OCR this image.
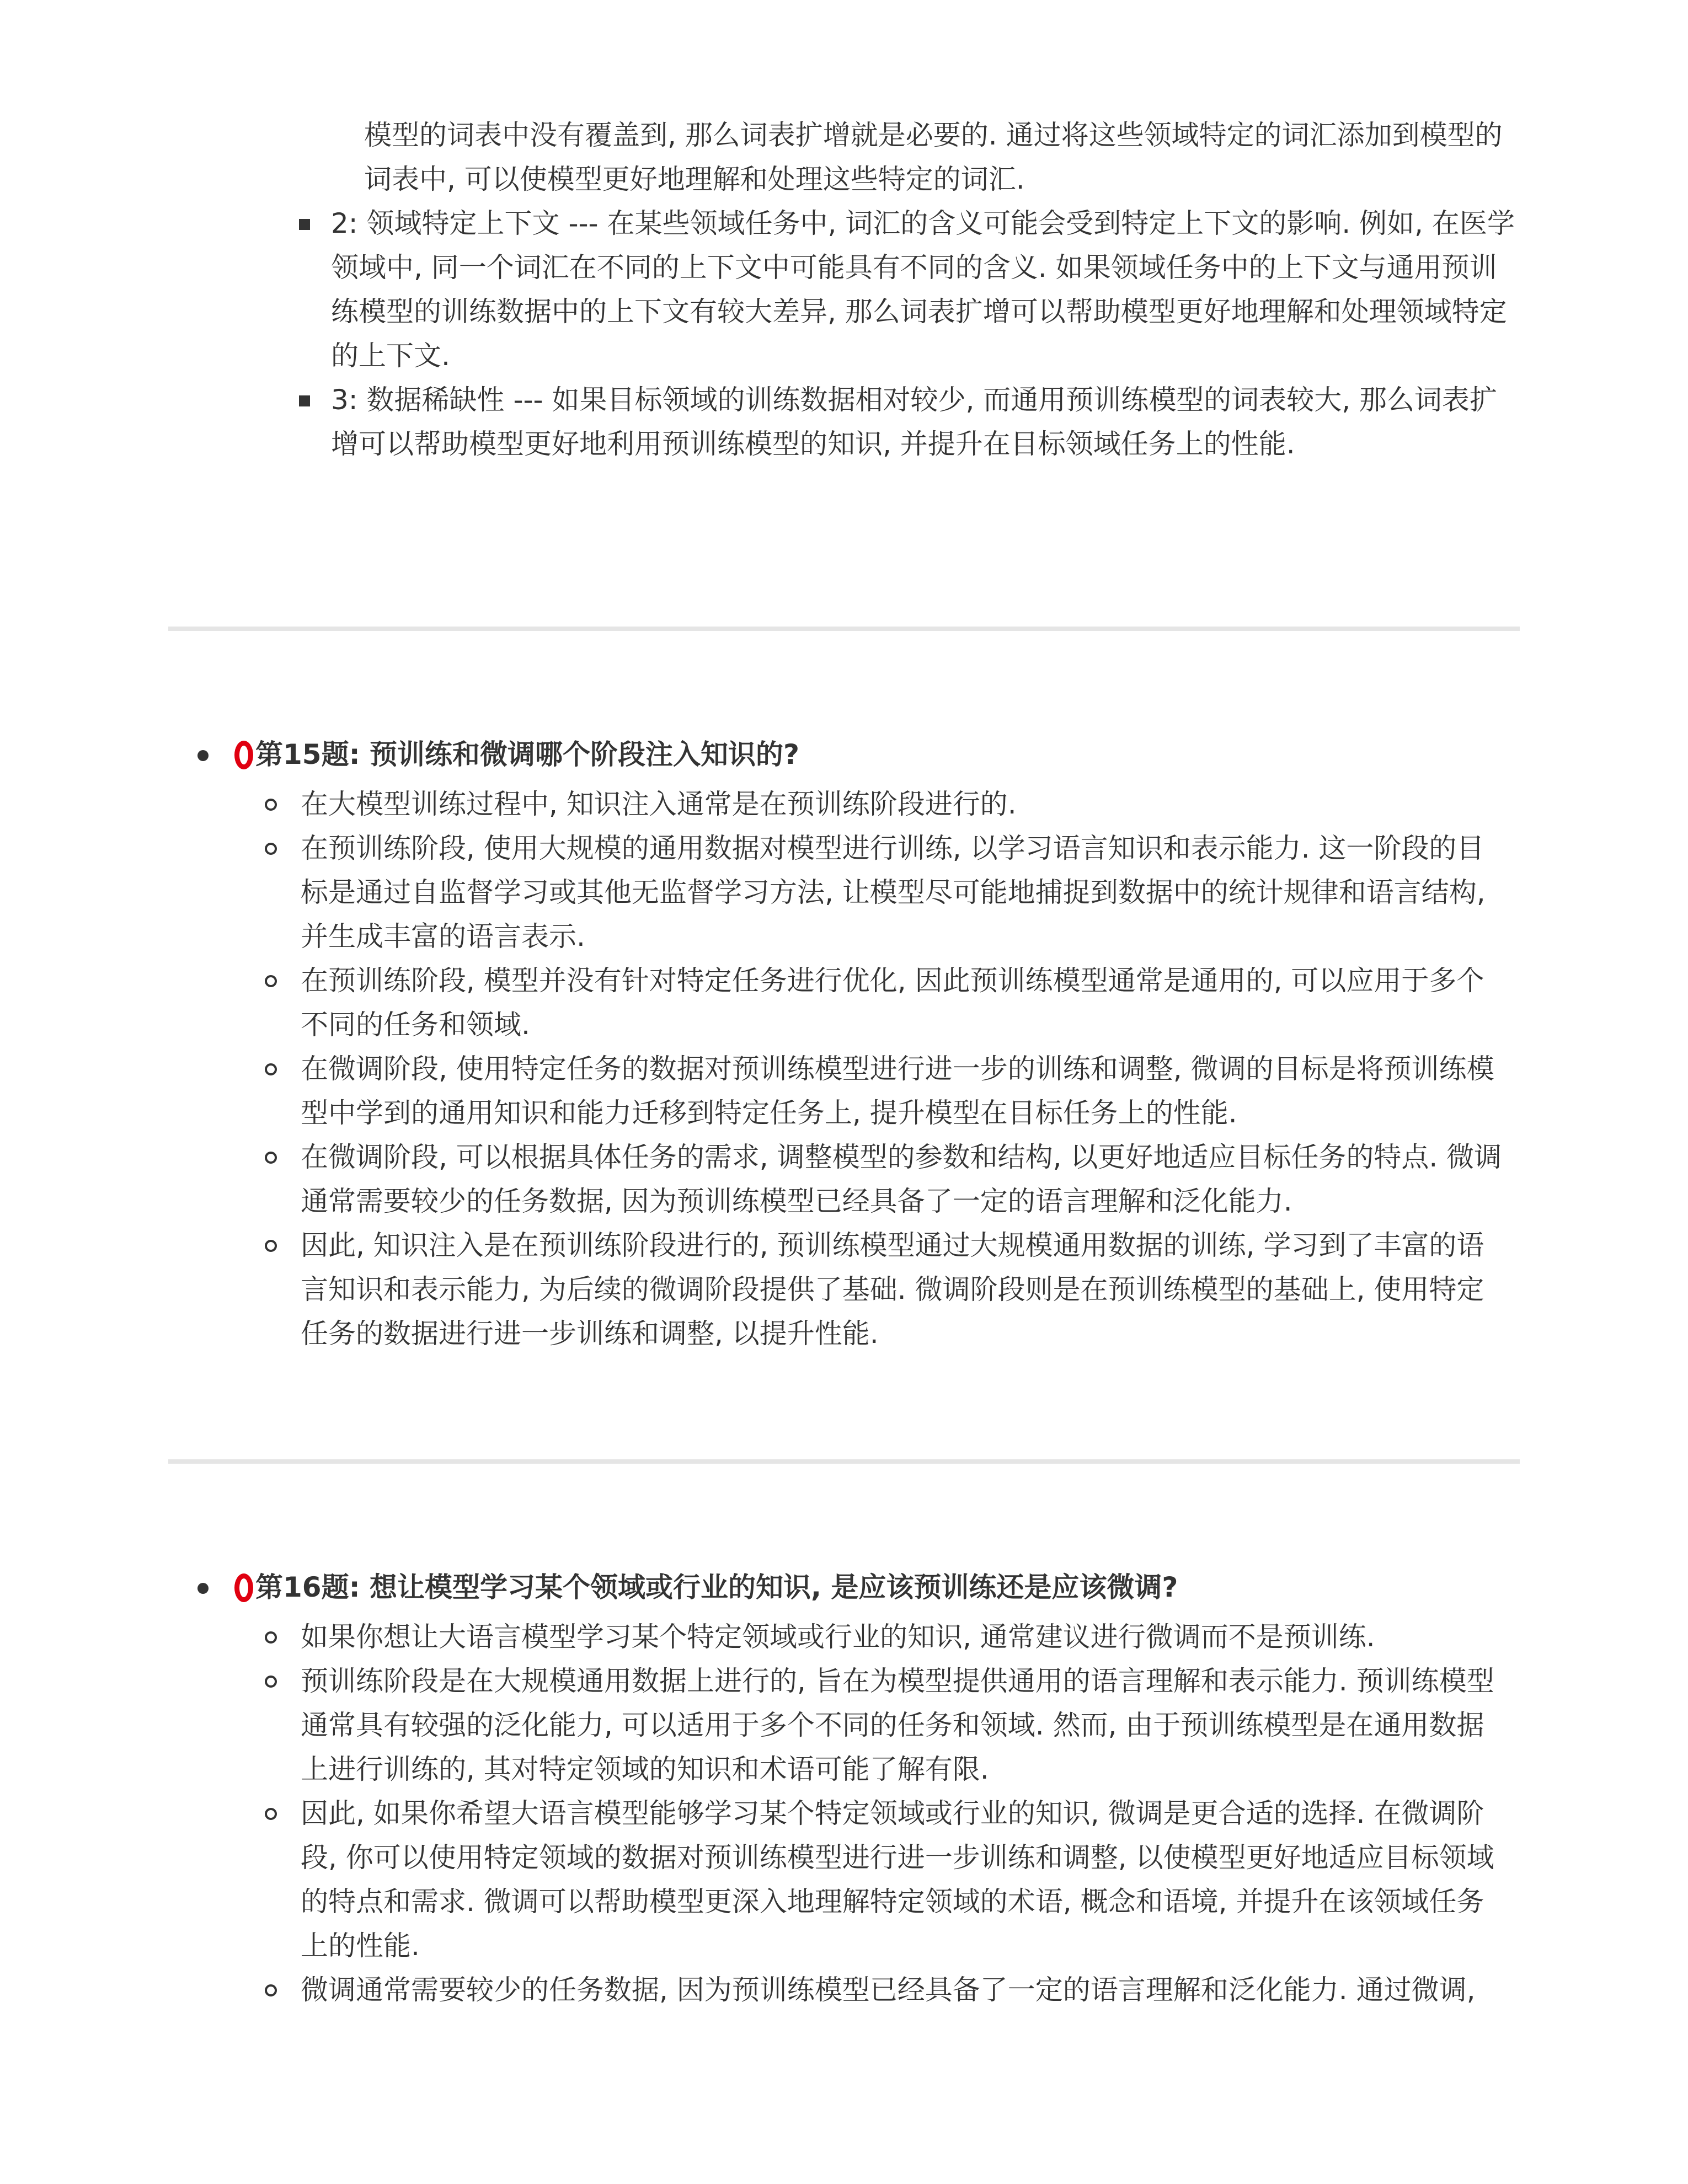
模型的词表中没有覆盖到, 那么词表扩增就是必要的. 通过将这些领域特定的词汇添加到模型的词表中, 可以使模型更好地理解和处理这些特定的词汇.

2: 领域特定上下文 --- 在某些领域任务中, 词汇的含义可能会受到特定上下文的影响. 例如, 在医学领域中, 同一个词汇在不同的上下文中可能具有不同的含义. 如果领域任务中的上下文与通用预训练模型的训练数据中的上下文有较大差异, 那么词表扩增可以帮助模型更好地理解和处理领域特定的上下文.

3: 数据稀缺性 --- 如果目标领域的训练数据相对较少, 而通用预训练模型的词表较大, 那么词表扩增可以帮助模型更好地利用预训练模型的知识, 并提升在目标领域任务上的性能.

第15题: 预训练和微调哪个阶段注入知识的?

在大模型训练过程中, 知识注入通常是在预训练阶段进行的.

在预训练阶段, 使用大规模的通用数据对模型进行训练, 以学习语言知识和表示能力. 这一阶段的目标是通过自监督学习或其他无监督学习方法, 让模型尽可能地捕捉到数据中的统计规律和语言结构, 并生成丰富的语言表示.

在预训练阶段, 模型并没有针对特定任务进行优化, 因此预训练模型通常是通用的, 可以应用于多个不同的任务和领域.

在微调阶段, 使用特定任务的数据对预训练模型进行进一步的训练和调整, 微调的目标是将预训练模型中学到的通用知识和能力迁移到特定任务上, 提升模型在目标任务上的性能.

在微调阶段, 可以根据具体任务的需求, 调整模型的参数和结构, 以更好地适应目标任务的特点. 微调通常需要较少的任务数据, 因为预训练模型已经具备了一定的语言理解和泛化能力.

因此, 知识注入是在预训练阶段进行的, 预训练模型通过大规模通用数据的训练, 学习到了丰富的语言知识和表示能力, 为后续的微调阶段提供了基础. 微调阶段则是在预训练模型的基础上, 使用特定任务的数据进行进一步训练和调整, 以提升性能.

第16题: 想让模型学习某个领域或行业的知识, 是应该预训练还是应该微调?

如果你想让大语言模型学习某个特定领域或行业的知识, 通常建议进行微调而不是预训练.

预训练阶段是在大规模通用数据上进行的, 旨在为模型提供通用的语言理解和表示能力. 预训练模型通常具有较强的泛化能力, 可以适用于多个不同的任务和领域. 然而, 由于预训练模型是在通用数据上进行训练的, 其对特定领域的知识和术语可能了解有限.

因此, 如果你希望大语言模型能够学习某个特定领域或行业的知识, 微调是更合适的选择. 在微调阶段, 你可以使用特定领域的数据对预训练模型进行进一步训练和调整, 以使模型更好地适应目标领域的特点和需求. 微调可以帮助模型更深入地理解特定领域的术语, 概念和语境, 并提升在该领域任务上的性能.

微调通常需要较少的任务数据, 因为预训练模型已经具备了一定的语言理解和泛化能力. 通过微调,
